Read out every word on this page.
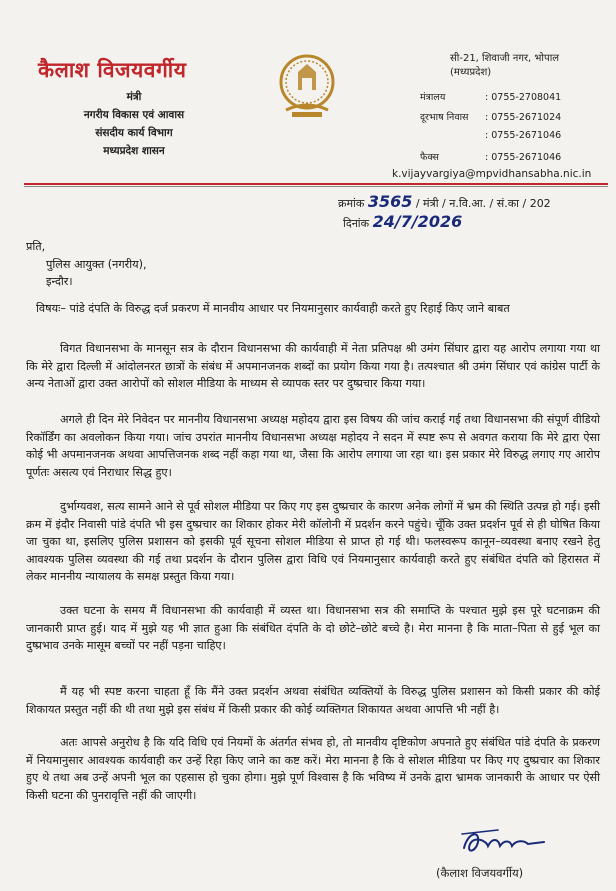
कैलाश विजयवर्गीय
मंत्री
नगरीय विकास एवं आवास
संसदीय कार्य विभाग
मध्यप्रदेश शासन
सी-21, शिवाजी नगर, भोपाल
(मध्यप्रदेश)
मंत्रालय	: 0755-2708041
दूरभाष निवास : 0755-2671024
: 0755-2671046
फैक्स	: 0755-2671046
k.vijayvargiya@mpvidhansabha.nic.in
क्रमांक 3565 / मंत्री / न.वि.आ. / सं.का / 202
दिनांक 24/7/2026
प्रति,
पुलिस आयुक्त (नगरीय),
इन्दौर।
विषयः– पांडे दंपति के विरुद्ध दर्ज प्रकरण में मानवीय आधार पर नियमानुसार कार्यवाही करते हुए रिहाई किए जाने बाबत

विगत विधानसभा के मानसून सत्र के दौरान विधानसभा की कार्यवाही में नेता प्रतिपक्ष श्री उमंग सिंघार द्वारा यह आरोप लगाया गया था कि मेरे द्वारा दिल्ली में आंदोलनरत छात्रों के संबंध में अपमानजनक शब्दों का प्रयोग किया गया है। तत्पश्चात श्री उमंग सिंघार एवं कांग्रेस पार्टी के अन्य नेताओं द्वारा उक्त आरोपों को सोशल मीडिया के माध्यम से व्यापक स्तर पर दुष्प्रचार किया गया।

अगले ही दिन मेरे निवेदन पर माननीय विधानसभा अध्यक्ष महोदय द्वारा इस विषय की जांच कराई गई तथा विधानसभा की संपूर्ण वीडियो रिकॉर्डिंग का अवलोकन किया गया। जांच उपरांत माननीय विधानसभा अध्यक्ष महोदय ने सदन में स्पष्ट रूप से अवगत कराया कि मेरे द्वारा ऐसा कोई भी अपमानजनक अथवा आपत्तिजनक शब्द नहीं कहा गया था, जैसा कि आरोप लगाया जा रहा था। इस प्रकार मेरे विरुद्ध लगाए गए आरोप पूर्णतः असत्य एवं निराधार सिद्ध हुए।

दुर्भाग्यवश, सत्य सामने आने से पूर्व सोशल मीडिया पर किए गए इस दुष्प्रचार के कारण अनेक लोगों में भ्रम की स्थिति उत्पन्न हो गई। इसी क्रम में इंदौर निवासी पांडे दंपति भी इस दुष्प्रचार का शिकार होकर मेरी कॉलोनी में प्रदर्शन करने पहुंचे। चूँकि उक्त प्रदर्शन पूर्व से ही घोषित किया जा चुका था, इसलिए पुलिस प्रशासन को इसकी पूर्व सूचना सोशल मीडिया से प्राप्त हो गई थी। फलस्वरूप कानून–व्यवस्था बनाए रखने हेतु आवश्यक पुलिस व्यवस्था की गई तथा प्रदर्शन के दौरान पुलिस द्वारा विधि एवं नियमानुसार कार्यवाही करते हुए संबंधित दंपति को हिरासत में लेकर माननीय न्यायालय के समक्ष प्रस्तुत किया गया।

उक्त घटना के समय मैं विधानसभा की कार्यवाही में व्यस्त था। विधानसभा सत्र की समाप्ति के पश्चात मुझे इस पूरे घटनाक्रम की जानकारी प्राप्त हुई। याद में मुझे यह भी ज्ञात हुआ कि संबंधित दंपति के दो छोटे–छोटे बच्चे है। मेरा मानना है कि माता–पिता से हुई भूल का दुष्प्रभाव उनके मासूम बच्चों पर नहीं पड़ना चाहिए।

मैं यह भी स्पष्ट करना चाहता हूँ कि मैंने उक्त प्रदर्शन अथवा संबंधित व्यक्तियों के विरुद्ध पुलिस प्रशासन को किसी प्रकार की कोई शिकायत प्रस्तुत नहीं की थी तथा मुझे इस संबंध में किसी प्रकार की कोई व्यक्तिगत शिकायत अथवा आपत्ति भी नहीं है।

अतः आपसे अनुरोध है कि यदि विधि एवं नियमों के अंतर्गत संभव हो, तो मानवीय दृष्टिकोण अपनाते हुए संबंधित पांडे दंपति के प्रकरण में नियमानुसार आवश्यक कार्यवाही कर उन्हें रिहा किए जाने का कष्ट करें। मेरा मानना है कि वे सोशल मीडिया पर किए गए दुष्प्रचार का शिकार हुए थे तथा अब उन्हें अपनी भूल का एहसास हो चुका होगा। मुझे पूर्ण विश्वास है कि भविष्य में उनके द्वारा भ्रामक जानकारी के आधार पर ऐसी किसी घटना की पुनरावृत्ति नहीं की जाएगी।

(कैलाश विजयवर्गीय)
